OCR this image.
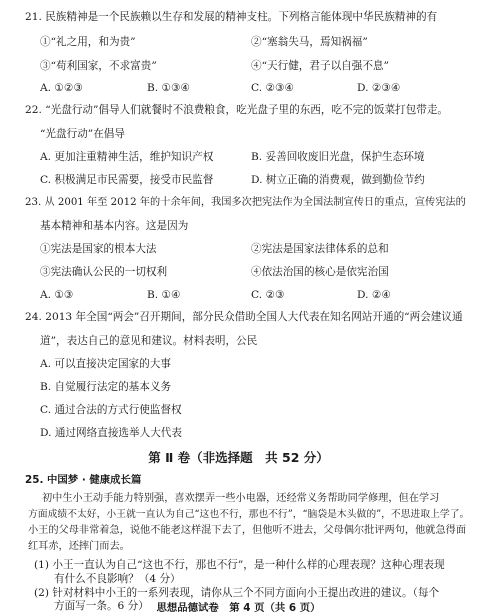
21. 民族精神是一个民族赖以生存和发展的精神支柱。下列格言能体现中华民族精神的有
①“礼之用，和为贵”	②“塞翁失马，焉知祸福”
③“苟利国家，不求富贵”	④“天行健，君子以自强不息”
A. ①②③	B. ①③④	C. ②③④	D. ②③④
22. “光盘行动”倡导人们就餐时不浪费粮食，吃光盘子里的东西，吃不完的饭菜打包带走。
“光盘行动”在倡导
A. 更加注重精神生活，维护知识产权	B. 妥善回收废旧光盘，保护生态环境
C. 积极满足市民需要，接受市民监督	D. 树立正确的消费观，做到勤俭节约
23. 从 2001 年至 2012 年的十余年间，我国多次把宪法作为全国法制宣传日的重点，宣传宪法的
基本精神和基本内容。这是因为
①宪法是国家的根本大法	②宪法是国家法律体系的总和
③宪法确认公民的一切权利	④依法治国的核心是依宪治国
A. ①③	B. ①④	C. ②③	D. ②④
24. 2013 年全国“两会”召开期间，部分民众借助全国人大代表在知名网站开通的“两会建议通
道”，表达自己的意见和建议。材料表明，公民
A. 可以直接决定国家的大事
B. 自觉履行法定的基本义务
C. 通过合法的方式行使监督权
D. 通过网络直接选举人大代表
第 Ⅱ 卷（非选择题　共 52 分）
25. 中国梦 · 健康成长篇
初中生小王动手能力特别强，喜欢摆弄一些小电器，还经常义务帮助同学修理，但在学习
方面成绩不太好，小王就一直认为自己“这也不行，那也不行”，“脑袋是木头做的”，不思进取上学了。
小王的父母非常着急，说他不能老这样混下去了，但他听不进去，父母偶尔批评两句，他就急得面
红耳赤，还摔门而去。
(1) 小王一直认为自己“这也不行，那也不行”，是一种什么样的心理表现？这种心理表现
有什么不良影响？（4 分）
(2) 针对材料中小王的一系列表现，请你从三个不同方面向小王提出改进的建议。（每个
方面写一条。6 分） 思想品德试卷　第 4 页（共 6 页）
